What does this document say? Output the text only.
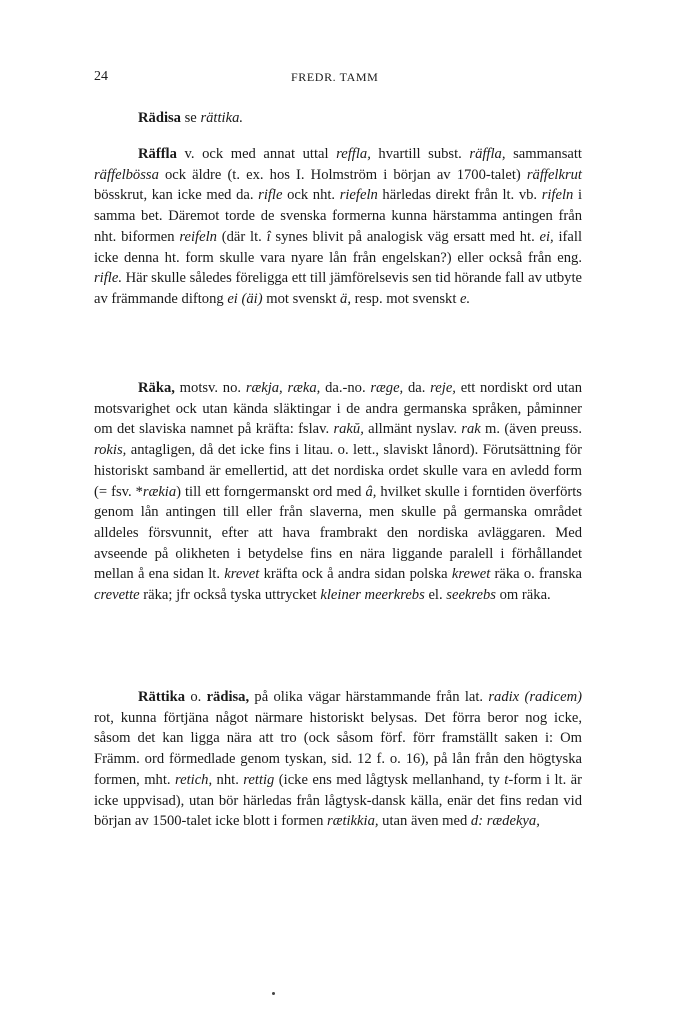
24	FREDR. TAMM

Rädisa se rättika.

Räffla v. ock med annat uttal reffla, hvartill subst. räffla, sammansatt räffelbössa ock äldre (t. ex. hos I. Holmström i början av 1700-talet) räffelkrut bösskrut, kan icke med da. rifle ock nht. riefeln härledas direkt från lt. vb. rifeln i samma bet. Däremot torde de svenska formerna kunna härstamma antingen från nht. biformen reifeln (där lt. î synes blivit på analogisk väg ersatt med ht. ei, ifall icke denna ht. form skulle vara nyare lån från engelskan?) eller också från eng. rifle. Här skulle således föreligga ett till jämförelsevis sen tid hörande fall av utbyte av främmande diftong ei (äi) mot svenskt ä, resp. mot svenskt e.

Räka, motsv. no. rækja, ræka, da.-no. ræge, da. reje, ett nordiskt ord utan motsvarighet ock utan kända släktingar i de andra germanska språken, påminner om det slaviska namnet på kräfta: fslav. rakŭ, allmänt nyslav. rak m. (även preuss. rokis, antagligen, då det icke fins i litau. o. lett., slaviskt lånord). Förutsättning för historiskt samband är emellertid, att det nordiska ordet skulle vara en avledd form (= fsv. *rækia) till ett forngermanskt ord med â, hvilket skulle i forntiden överförts genom lån antingen till eller från slaverna, men skulle på germanska området alldeles försvunnit, efter att hava frambrakt den nordiska avläggaren. Med avseende på olikheten i betydelse fins en nära liggande paralell i förhållandet mellan å ena sidan lt. krevet kräfta ock å andra sidan polska krewet räka o. franska crevette räka; jfr också tyska uttrycket kleiner meerkrebs el. seekrebs om räka.

Rättika o. rädisa, på olika vägar härstammande från lat. radix (radicem) rot, kunna förtjäna något närmare historiskt belysas. Det förra beror nog icke, såsom det kan ligga nära att tro (ock såsom förf. förr framställt saken i: Om Främm. ord förmedlade genom tyskan, sid. 12 f. o. 16), på lån från den högtyska formen, mht. retich, nht. rettig (icke ens med lågtysk mellanhand, ty t-form i lt. är icke uppvisad), utan bör härledas från lågtysk-dansk källa, enär det fins redan vid början av 1500-talet icke blott i formen rætikkia, utan även med d: rædekya,
